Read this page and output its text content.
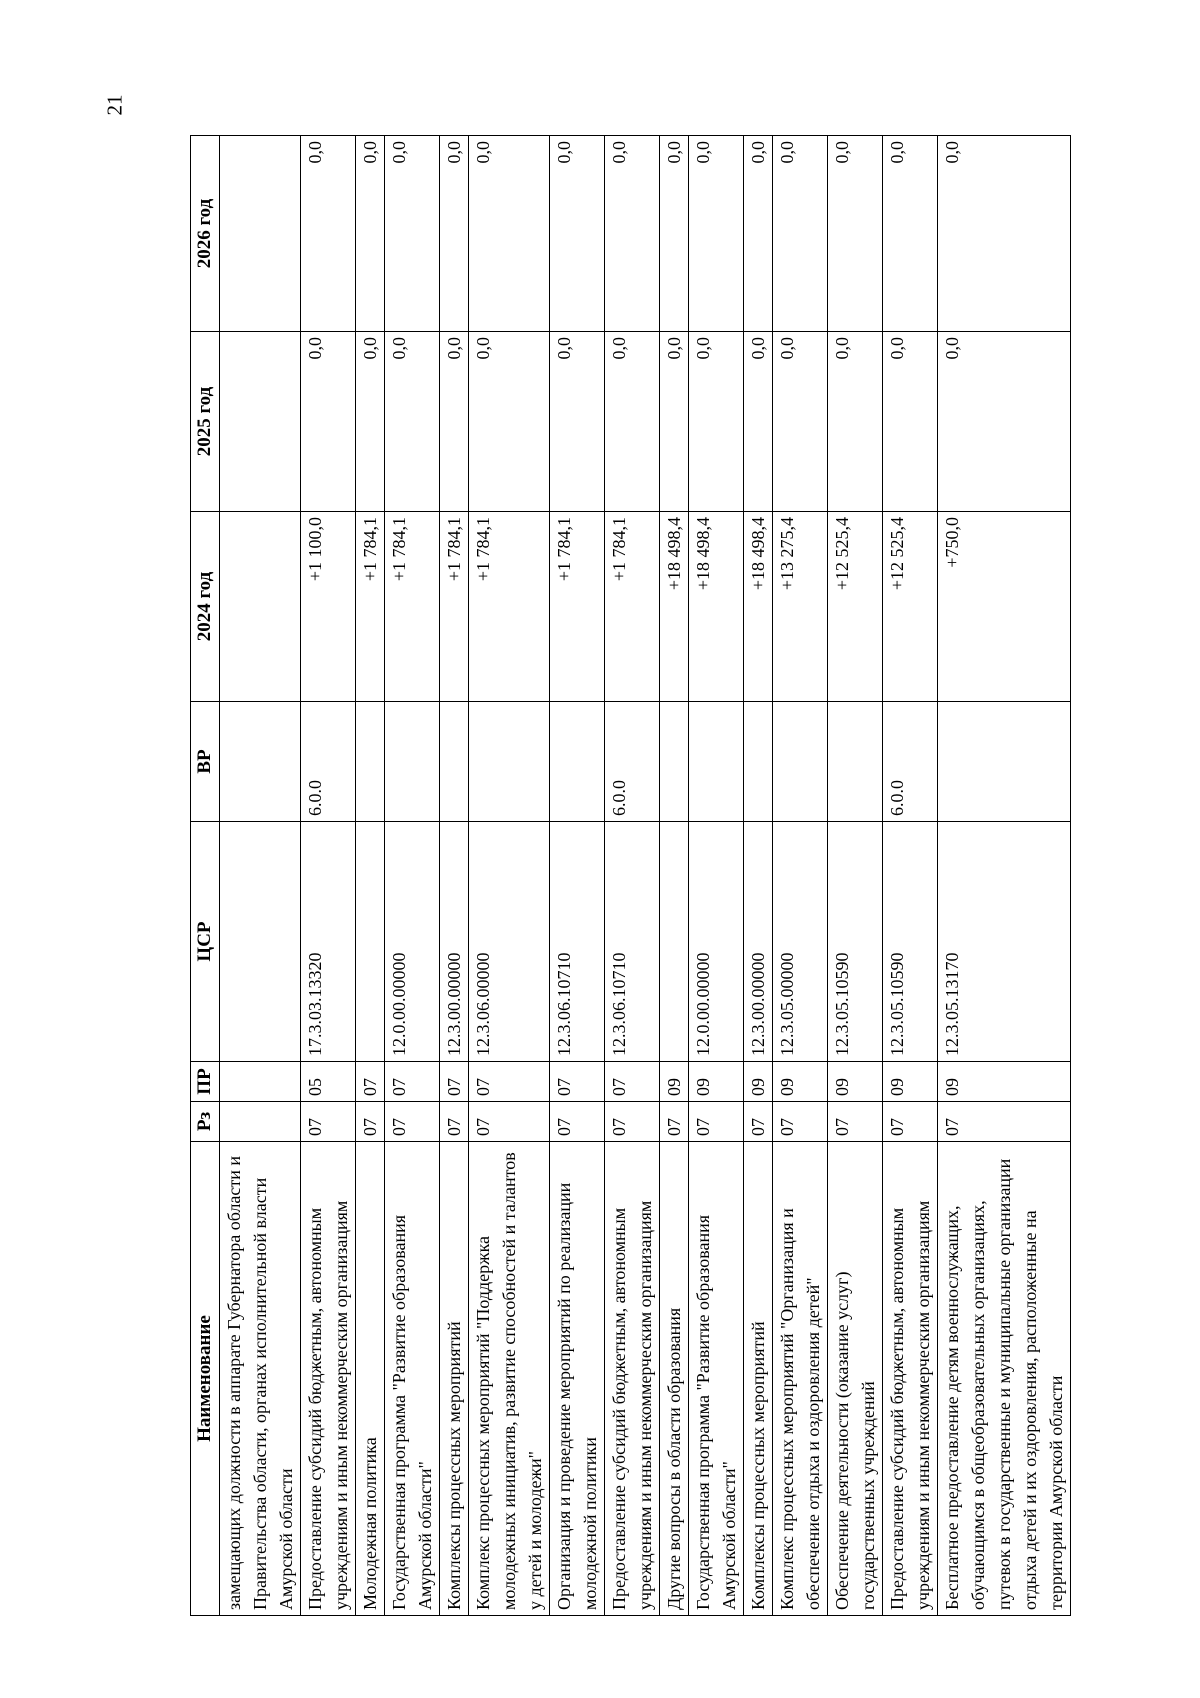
21
Наименование	Рз	ПР	ЦСР	ВР	2024 год	2025 год	2026 год
замещающих должности в аппарате Губернатора области и Правительства области, органах исполнительной власти Амурской области							
Предоставление субсидий бюджетным, автономным учреждениям и иным некоммерческим организациям	07	05	17.3.03.13320	6.0.0	+1 100,0	0,0	0,0
Молодежная политика	07	07			+1 784,1	0,0	0,0
Государственная программа "Развитие образования Амурской области"	07	07	12.0.00.00000		+1 784,1	0,0	0,0
Комплексы процессных мероприятий	07	07	12.3.00.00000		+1 784,1	0,0	0,0
Комплекс процессных мероприятий "Поддержка молодежных инициатив, развитие способностей и талантов у детей и молодежи"	07	07	12.3.06.00000		+1 784,1	0,0	0,0
Организация и проведение мероприятий по реализации молодежной политики	07	07	12.3.06.10710		+1 784,1	0,0	0,0
Предоставление субсидий бюджетным, автономным учреждениям и иным некоммерческим организациям	07	07	12.3.06.10710	6.0.0	+1 784,1	0,0	0,0
Другие вопросы в области образования	07	09			+18 498,4	0,0	0,0
Государственная программа "Развитие образования Амурской области"	07	09	12.0.00.00000		+18 498,4	0,0	0,0
Комплексы процессных мероприятий	07	09	12.3.00.00000		+18 498,4	0,0	0,0
Комплекс процессных мероприятий "Организация и обеспечение отдыха и оздоровления детей"	07	09	12.3.05.00000		+13 275,4	0,0	0,0
Обеспечение деятельности (оказание услуг) государственных учреждений	07	09	12.3.05.10590		+12 525,4	0,0	0,0
Предоставление субсидий бюджетным, автономным учреждениям и иным некоммерческим организациям	07	09	12.3.05.10590	6.0.0	+12 525,4	0,0	0,0
Бесплатное предоставление детям военнослужащих, обучающимся в общеобразовательных организациях, путевок в государственные и муниципальные организации отдыха детей и их оздоровления, расположенные на территории Амурской области	07	09	12.3.05.13170		+750,0	0,0	0,0
